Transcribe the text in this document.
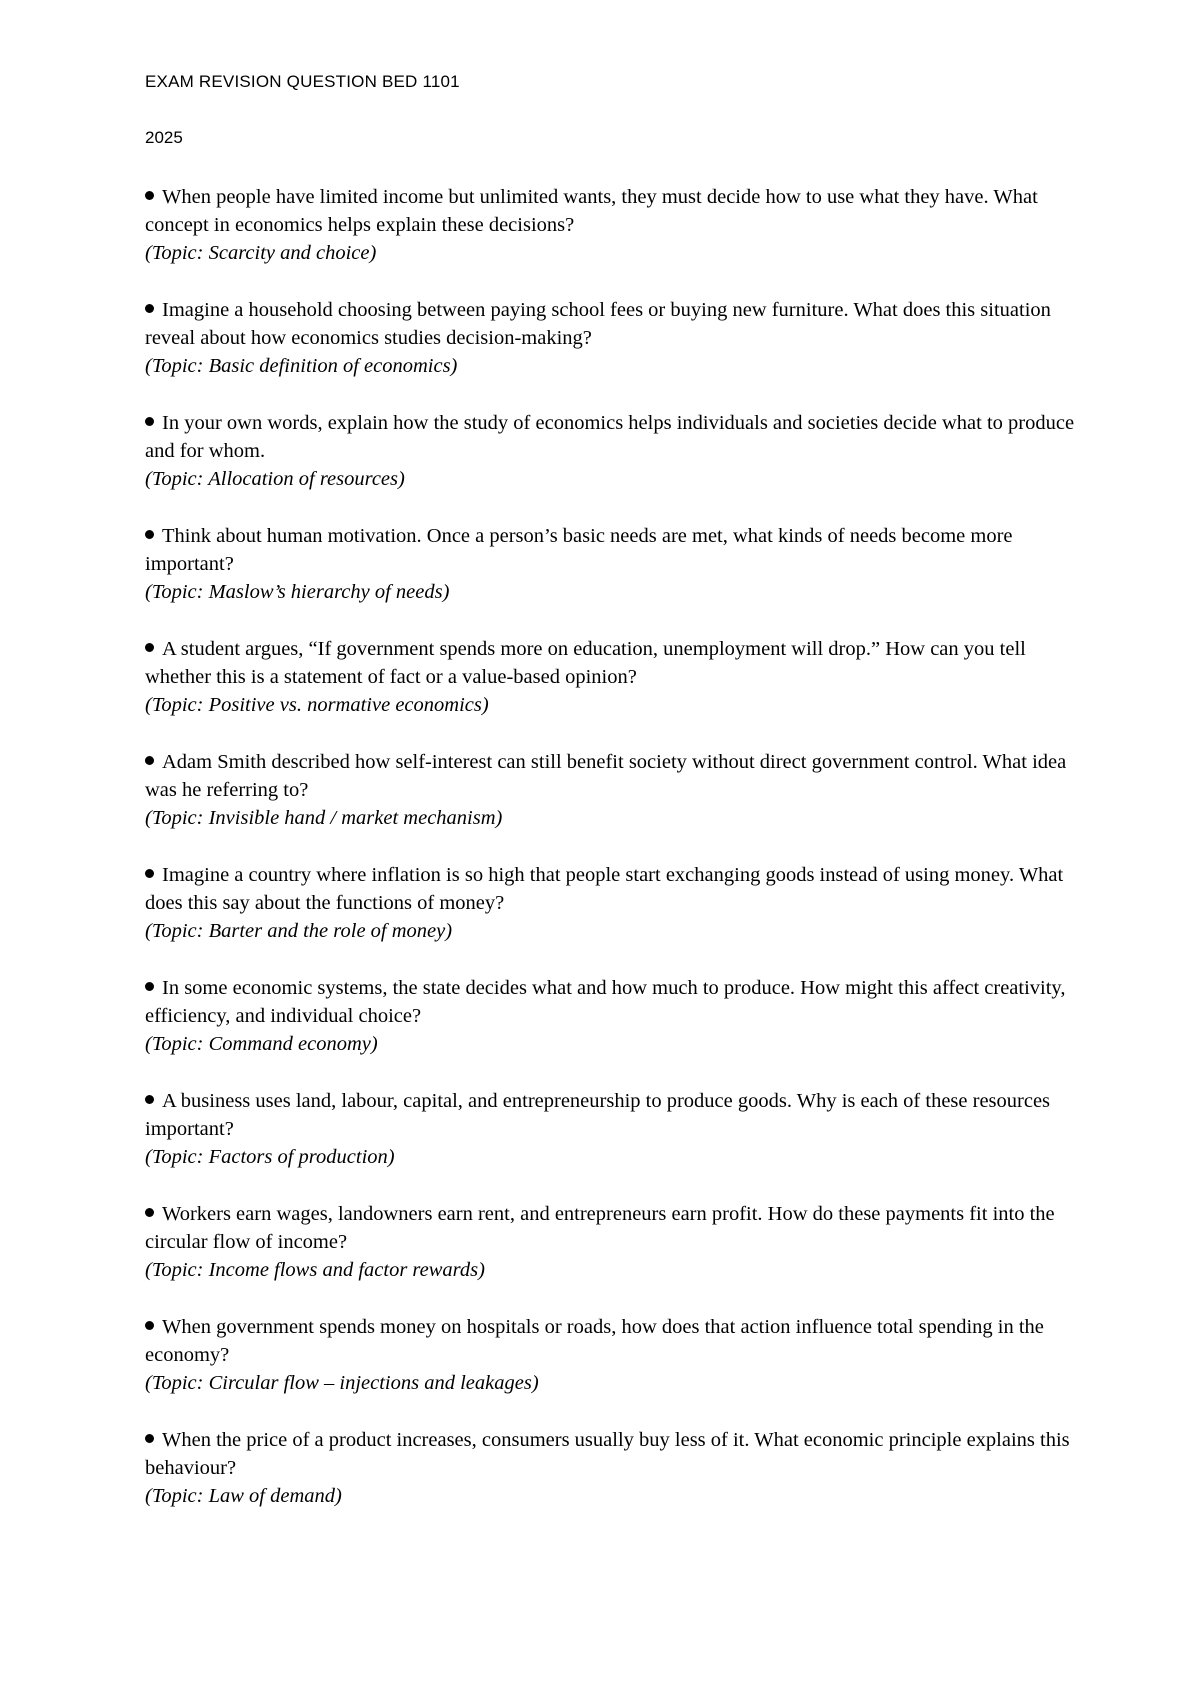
EXAM REVISION QUESTION BED 1101
2025
When people have limited income but unlimited wants, they must decide how to use what they have. What concept in economics helps explain these decisions?
(Topic: Scarcity and choice)
Imagine a household choosing between paying school fees or buying new furniture. What does this situation reveal about how economics studies decision-making?
(Topic: Basic definition of economics)
In your own words, explain how the study of economics helps individuals and societies decide what to produce and for whom.
(Topic: Allocation of resources)
Think about human motivation. Once a person’s basic needs are met, what kinds of needs become more important?
(Topic: Maslow’s hierarchy of needs)
A student argues, “If government spends more on education, unemployment will drop.” How can you tell whether this is a statement of fact or a value-based opinion?
(Topic: Positive vs. normative economics)
Adam Smith described how self-interest can still benefit society without direct government control. What idea was he referring to?
(Topic: Invisible hand / market mechanism)
Imagine a country where inflation is so high that people start exchanging goods instead of using money. What does this say about the functions of money?
(Topic: Barter and the role of money)
In some economic systems, the state decides what and how much to produce. How might this affect creativity, efficiency, and individual choice?
(Topic: Command economy)
A business uses land, labour, capital, and entrepreneurship to produce goods. Why is each of these resources important?
(Topic: Factors of production)
Workers earn wages, landowners earn rent, and entrepreneurs earn profit. How do these payments fit into the circular flow of income?
(Topic: Income flows and factor rewards)
When government spends money on hospitals or roads, how does that action influence total spending in the economy?
(Topic: Circular flow – injections and leakages)
When the price of a product increases, consumers usually buy less of it. What economic principle explains this behaviour?
(Topic: Law of demand)
